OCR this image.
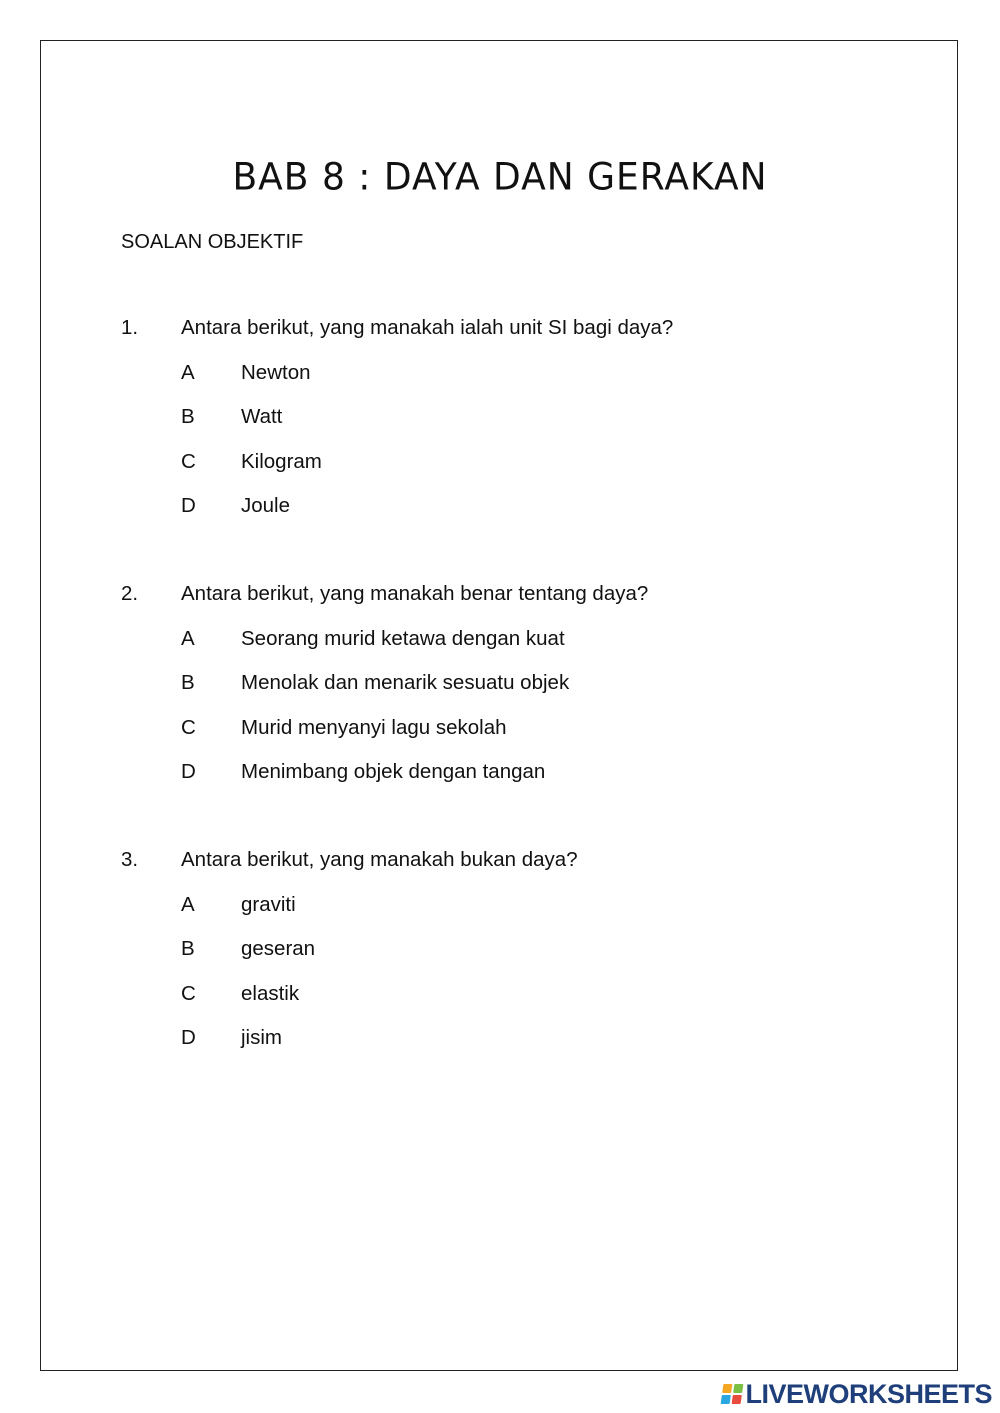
BAB 8 : DAYA DAN GERAKAN
SOALAN OBJEKTIF
1. Antara berikut, yang manakah ialah unit SI bagi daya?
A Newton
B Watt
C Kilogram
D Joule
2. Antara berikut, yang manakah benar tentang daya?
A Seorang murid ketawa dengan kuat
B Menolak dan menarik sesuatu objek
C Murid menyanyi lagu sekolah
D Menimbang objek dengan tangan
3. Antara berikut, yang manakah bukan daya?
A graviti
B geseran
C elastik
D jisim
LIVEWORKSHEETS
